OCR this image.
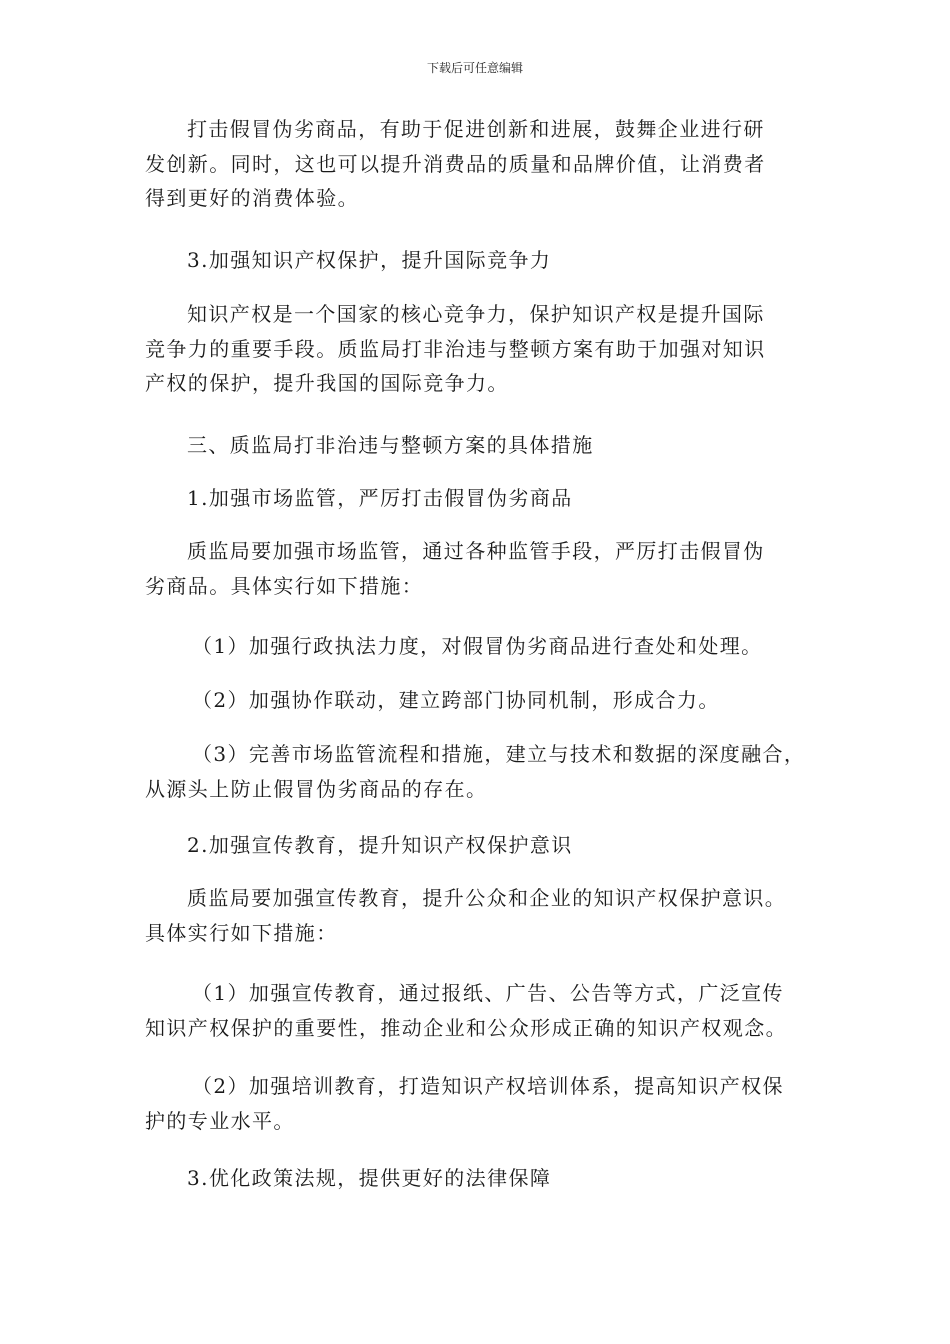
下载后可任意编辑
打击假冒伪劣商品，有助于促进创新和进展，鼓舞企业进行研
发创新。同时，这也可以提升消费品的质量和品牌价值，让消费者
得到更好的消费体验。
3.加强知识产权保护，提升国际竞争力
知识产权是一个国家的核心竞争力，保护知识产权是提升国际
竞争力的重要手段。质监局打非治违与整顿方案有助于加强对知识
产权的保护，提升我国的国际竞争力。
三、质监局打非治违与整顿方案的具体措施
1.加强市场监管，严厉打击假冒伪劣商品
质监局要加强市场监管，通过各种监管手段，严厉打击假冒伪
劣商品。具体实行如下措施：
（1）加强行政执法力度，对假冒伪劣商品进行查处和处理。
（2）加强协作联动，建立跨部门协同机制，形成合力。
（3）完善市场监管流程和措施，建立与技术和数据的深度融合，
从源头上防止假冒伪劣商品的存在。
2.加强宣传教育，提升知识产权保护意识
质监局要加强宣传教育，提升公众和企业的知识产权保护意识。
具体实行如下措施：
（1）加强宣传教育，通过报纸、广告、公告等方式，广泛宣传
知识产权保护的重要性，推动企业和公众形成正确的知识产权观念。
（2）加强培训教育，打造知识产权培训体系，提高知识产权保
护的专业水平。
3.优化政策法规，提供更好的法律保障
